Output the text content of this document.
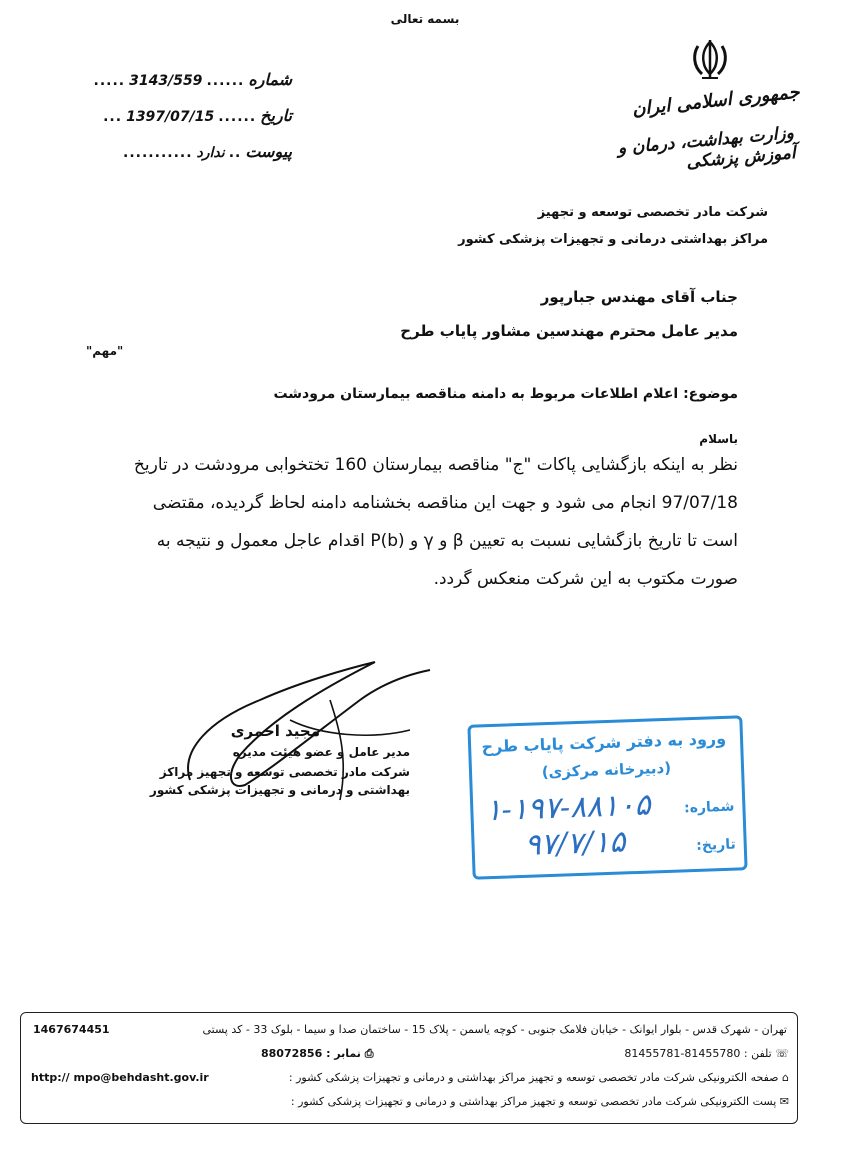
بسمه تعالی
شماره
......
3143/559
.....
تاریخ
......
1397/07/15
...
پیوست
..
ندارد
...........
جمهوری اسلامی ایران
وزارت بهداشت، درمان و آموزش پزشکی
شرکت مادر تخصصی توسعه و تجهیز
مراکز بهداشتی درمانی و تجهیزات پزشکی کشور
جناب آقای مهندس جبارپور
مدیر عامل محترم مهندسین مشاور پایاب طرح
"مهم"
موضوع: اعلام اطلاعات مربوط به دامنه مناقصه بیمارستان مرودشت
باسلام
نظر به اینکه بازگشایی پاکات "ج" مناقصه بیمارستان 160 تختخوابی مرودشت در تاریخ
97/07/18 انجام می شود و جهت این مناقصه بخشنامه دامنه لحاظ گردیده، مقتضی
است تا تاریخ بازگشایی نسبت به تعیین β و γ و P(b) اقدام عاجل معمول و نتیجه به
صورت مکتوب به این شرکت منعکس گردد.
مجید احمری
مدیر عامل و عضو هیئت مدیره
شرکت مادر تخصصی توسعه و تجهیز مراکز
بهداشتی و درمانی و تجهیزات پزشکی کشور
ورود به دفتر شرکت پایاب طرح
(دبیرخانه مرکزی)
شماره:
۱-۱۹۷-۸۸۱۰۵
تاریخ:
۹۷/۷/۱۵
1467674451	تهران - شهرک قدس - بلوار ایوانک - خیابان فلامک جنوبی - کوچه یاسمن - پلاک 15 - ساختمان صدا و سیما - بلوک 33 - کد پستی
☏ تلفن : 81455780-81455781
⎙ نمابر : 88072856
http:// mpo@behdasht.gov.ir	⌂ صفحه الکترونیکی شرکت مادر تخصصی توسعه و تجهیز مراکز بهداشتی و درمانی و تجهیزات پزشکی کشور :
✉ پست الکترونیکی شرکت مادر تخصصی توسعه و تجهیز مراکز بهداشتی و درمانی و تجهیزات پزشکی کشور :
